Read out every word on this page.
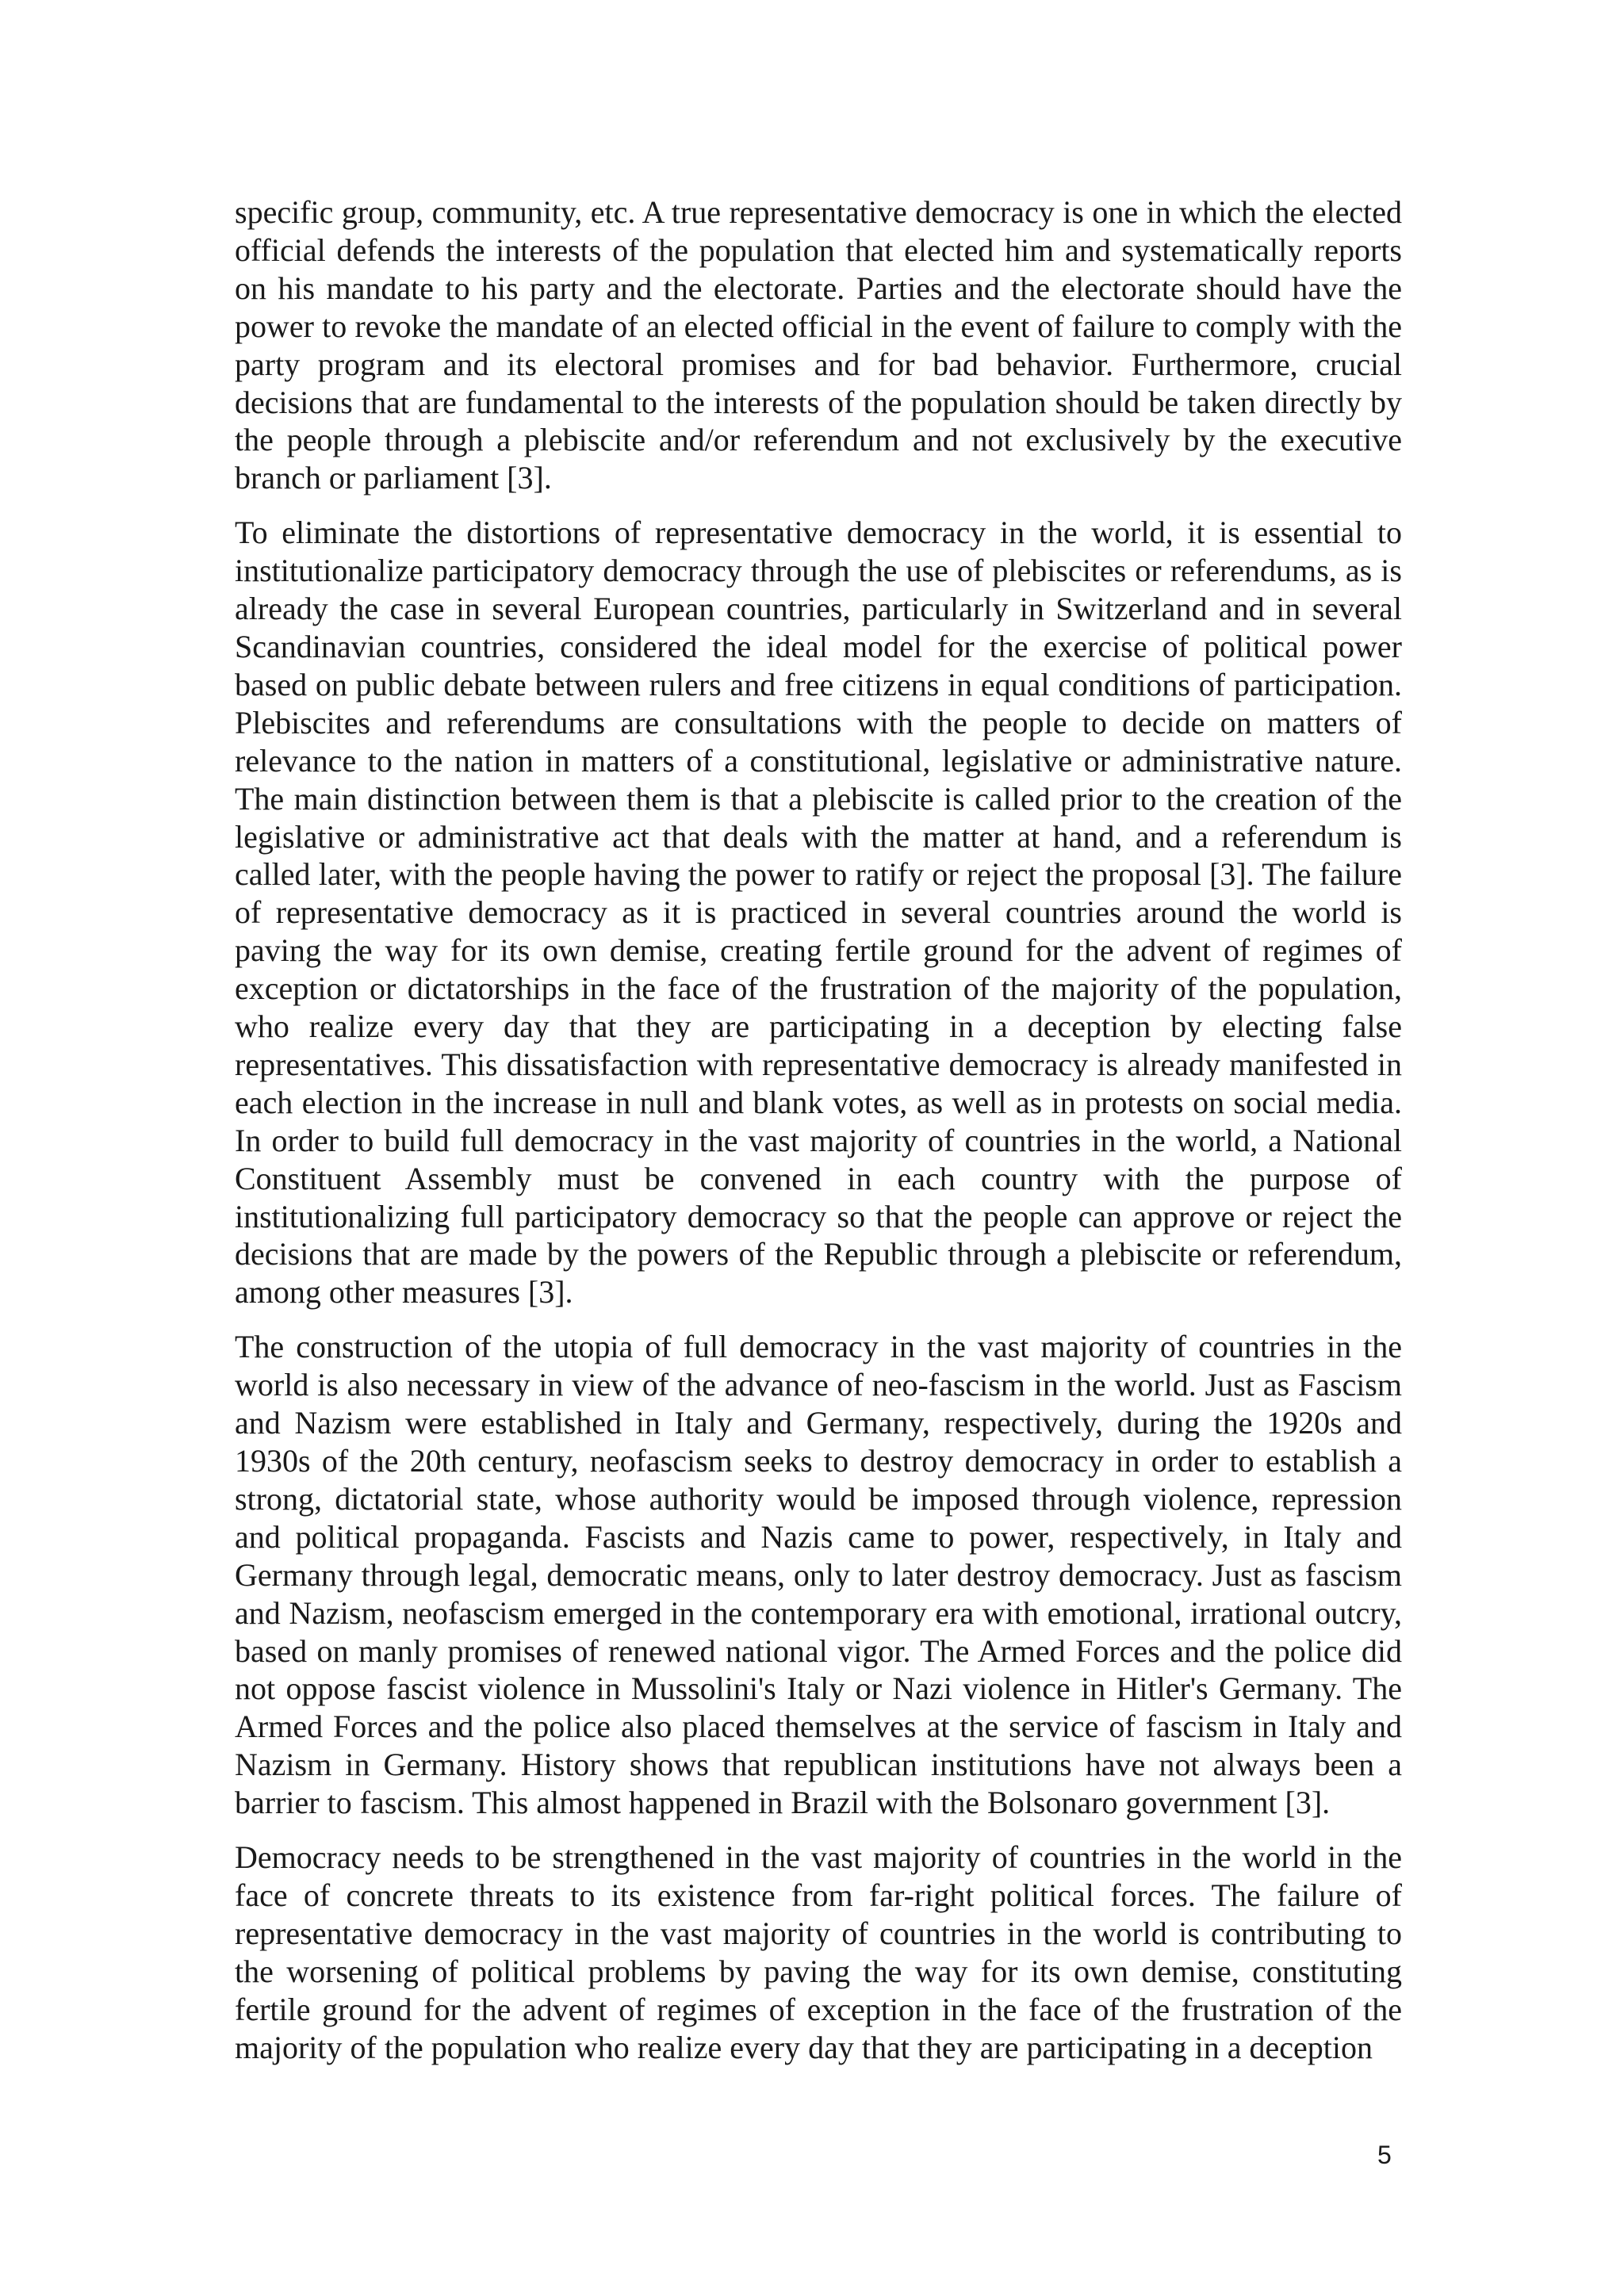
specific group, community, etc. A true representative democracy is one in which the elected official defends the interests of the population that elected him and systematically reports on his mandate to his party and the electorate. Parties and the electorate should have the power to revoke the mandate of an elected official in the event of failure to comply with the party program and its electoral promises and for bad behavior. Furthermore, crucial decisions that are fundamental to the interests of the population should be taken directly by the people through a plebiscite and/or referendum and not exclusively by the executive branch or parliament [3].

To eliminate the distortions of representative democracy in the world, it is essential to institutionalize participatory democracy through the use of plebiscites or referendums, as is already the case in several European countries, particularly in Switzerland and in several Scandinavian countries, considered the ideal model for the exercise of political power based on public debate between rulers and free citizens in equal conditions of participation. Plebiscites and referendums are consultations with the people to decide on matters of relevance to the nation in matters of a constitutional, legislative or administrative nature. The main distinction between them is that a plebiscite is called prior to the creation of the legislative or administrative act that deals with the matter at hand, and a referendum is called later, with the people having the power to ratify or reject the proposal [3]. The failure of representative democracy as it is practiced in several countries around the world is paving the way for its own demise, creating fertile ground for the advent of regimes of exception or dictatorships in the face of the frustration of the majority of the population, who realize every day that they are participating in a deception by electing false representatives. This dissatisfaction with representative democracy is already manifested in each election in the increase in null and blank votes, as well as in protests on social media. In order to build full democracy in the vast majority of countries in the world, a National Constituent Assembly must be convened in each country with the purpose of institutionalizing full participatory democracy so that the people can approve or reject the decisions that are made by the powers of the Republic through a plebiscite or referendum, among other measures [3].

The construction of the utopia of full democracy in the vast majority of countries in the world is also necessary in view of the advance of neo-fascism in the world. Just as Fascism and Nazism were established in Italy and Germany, respectively, during the 1920s and 1930s of the 20th century, neofascism seeks to destroy democracy in order to establish a strong, dictatorial state, whose authority would be imposed through violence, repression and political propaganda. Fascists and Nazis came to power, respectively, in Italy and Germany through legal, democratic means, only to later destroy democracy. Just as fascism and Nazism, neofascism emerged in the contemporary era with emotional, irrational outcry, based on manly promises of renewed national vigor. The Armed Forces and the police did not oppose fascist violence in Mussolini's Italy or Nazi violence in Hitler's Germany. The Armed Forces and the police also placed themselves at the service of fascism in Italy and Nazism in Germany. History shows that republican institutions have not always been a barrier to fascism. This almost happened in Brazil with the Bolsonaro government [3].

Democracy needs to be strengthened in the vast majority of countries in the world in the face of concrete threats to its existence from far-right political forces. The failure of representative democracy in the vast majority of countries in the world is contributing to the worsening of political problems by paving the way for its own demise, constituting fertile ground for the advent of regimes of exception in the face of the frustration of the majority of the population who realize every day that they are participating in a deception

5
